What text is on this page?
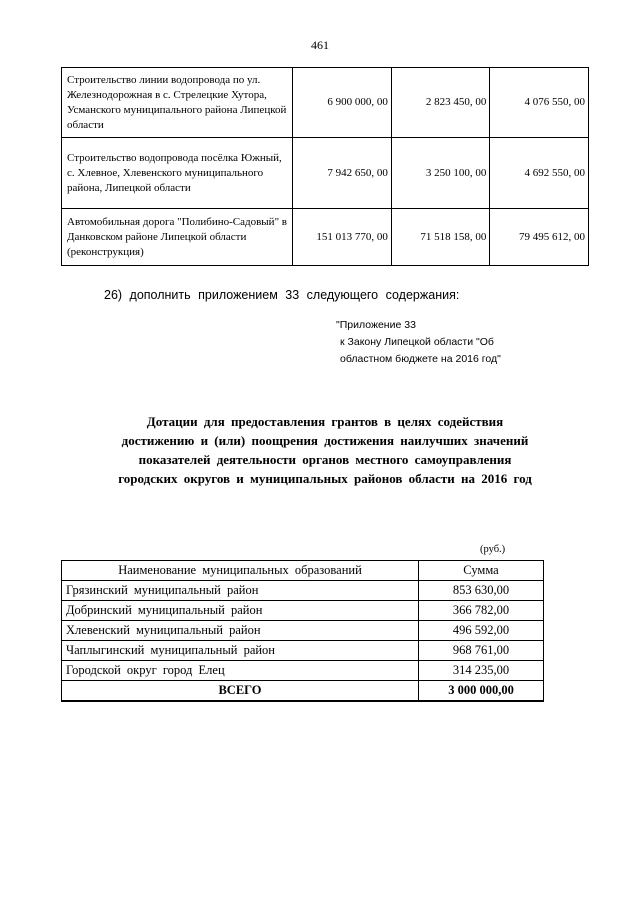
461
Строительство линии водопровода по ул. Железнодорожная в с. Стрелецкие Хутора, Усманского муниципального района Липецкой области	6 900 000, 00	2 823 450, 00	4 076 550, 00
Строительство водопровода посёлка Южный, с. Хлевное, Хлевенского муниципального района, Липецкой области	7 942 650, 00	3 250 100, 00	4 692 550, 00
Автомобильная дорога "Полибино-Садовый" в Данковском районе Липецкой области (реконструкция)	151 013 770, 00	71 518 158, 00	79 495 612, 00
26) дополнить приложением 33 следующего содержания:
"Приложение 33
к Закону Липецкой области "Об
областном бюджете на 2016 год"
Дотации для предоставления грантов в целях содействия
достижению и (или) поощрения достижения наилучших значений
показателей деятельности органов местного самоуправления
городских округов и муниципальных районов области на 2016 год
(руб.)
Наименование муниципальных образований	Сумма
Грязинский муниципальный район	853 630,00
Добринский муниципальный район	366 782,00
Хлевенский муниципальный район	496 592,00
Чаплыгинский муниципальный район	968 761,00
Городской округ город Елец	314 235,00
ВСЕГО	3 000 000,00
